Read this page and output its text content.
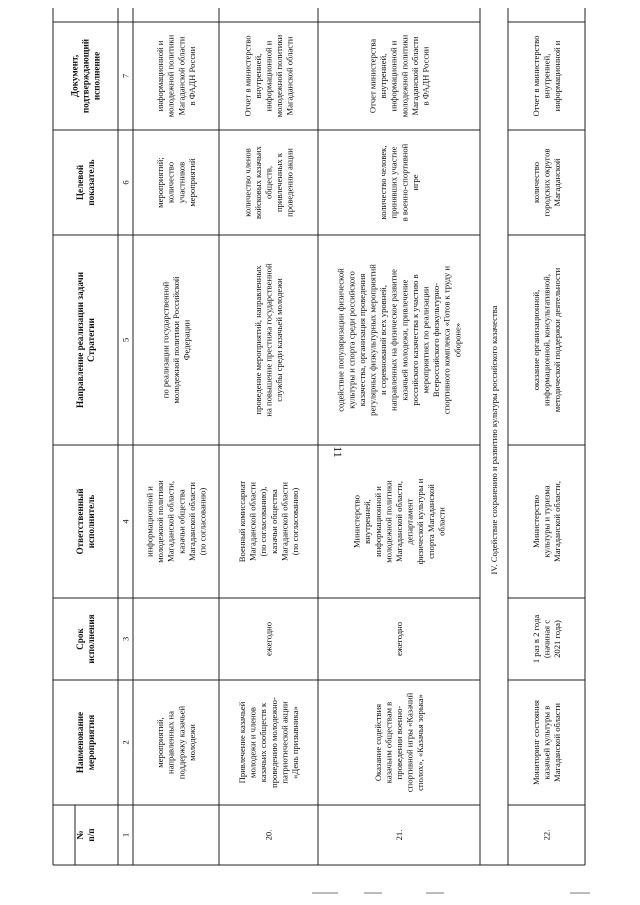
11
№ п/п
Наименование мероприятия
Срок исполнения
Ответственный исполнитель
Направление реализации задачи Стратегии
Целевой показатель
Документ, подтверждающий исполнение
1
2
3
4
5
6
7
мероприятий, направленных на поддержку казачьей молодежи
информационной и молодежной политики Магаданской области, казачьи общества Магаданской области (по согласованию)
по реализации государственной молодежной политики Российской Федерации
мероприятий; количество участников мероприятий
информационной и молодежной политики Магаданской области в ФАДН России
20.
Привлечение казачьей молодежи и членов казачьих сообществ к проведению молодежно- патриотической акции «День призывника»
ежегодно
Военный комиссариат Магаданской области (по согласованию), казачьи общества Магаданской области (по согласованию)
проведение мероприятий, направленных на повышение престижа государственной службы среди казачьей молодежи
количество членов войсковых казачьих обществ, привлеченных к проведению акции
Отчет в министерство внутренней, информационной и молодежной политики Магаданской области
21.
Оказание содействия казачьим обществам в проведении военно- спортивной игры «Казачий сполох», «Казачья зорька»
ежегодно
Министерство внутренней, информационной и молодежной политики Магаданской области, департамент физической культуры и спорта Магаданской области
содействие популяризации физической культуры и спорта среди российского казачества, организация проведения регулярных физкультурных мероприятий и соревнований всех уровней, направленных на физическое развитие казачьей молодежи, привлечение российского казачества к участию в мероприятиях по реализации Всероссийского физкультурно- спортивного комплекса «Готов к труду и обороне»
количество человек, принявших участие в военно-спортивной игре
Отчет министерства внутренней, информационной и молодежной политики Магаданской области в ФАДН России
IV. Содействие сохранению и развитию культуры российского казачества
22.
Мониторинг состояния казачьей культуры в Магаданской области
1 раз в 2 года (начиная с 2021 года)
Министерство культуры и туризма Магаданской области,
оказание организационной, информационной, консультативной, методической поддержки деятельности
количество городских округов Магаданской
Отчет в министерство внутренней, информационной и
